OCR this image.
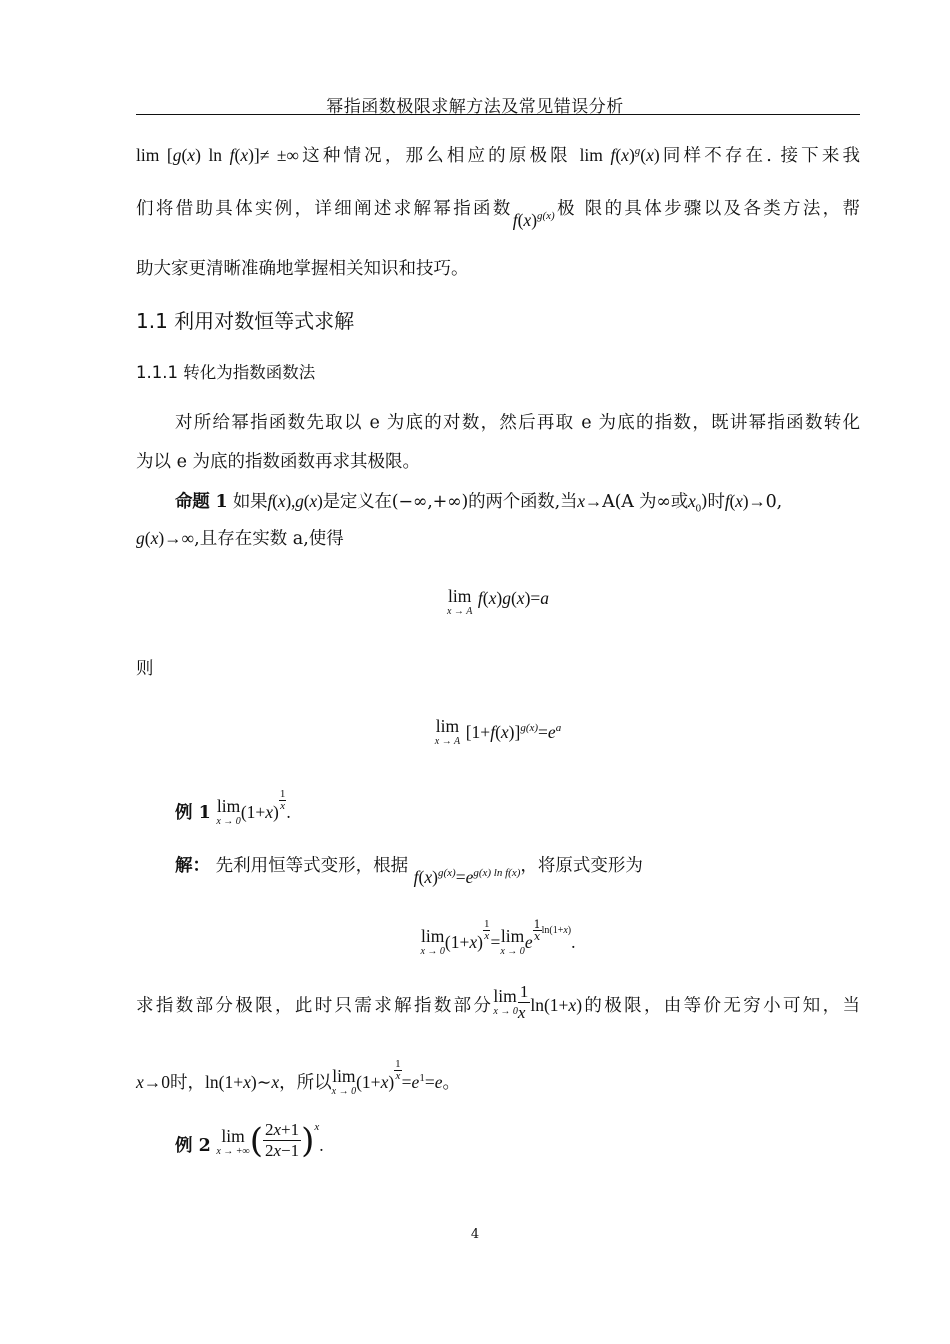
幂指函数极限求解方法及常见错误分析
lim [g(x) ln f(x)]≠ ±∞这种情况，那么相应的原极限 $\lim f(x)^g(x)$同样不存在. 接下来我
们将借助具体实例，详细阐述求解幂指函数$f(x)^{g(x)}$极 限的具体步骤以及各类方法，帮
助大家更清晰准确地掌握相关知识和技巧。
1.1 利用对数恒等式求解
1.1.1 转化为指数函数法
对所给幂指函数先取以 e 为底的对数，然后再取 e 为底的指数，既讲幂指函数转化
为以 e 为底的指数函数再求其极限。
命题 1 如果f(x),g(x)是定义在(−∞,+∞)的两个函数,当x→A(A 为∞或$x_0$)时f(x)→0,
g(x)→∞,且存在实数 a,使得
lim
x → A
f(x)g(x)=a
则
lim
x → A $[1+f(x)]^{g(x)}=e^a$
例 1 lim
x → 0 (1+x) $^{\frac{1}{x}}$ .
解： 先利用恒等式变形，根据 $f(x)^{g(x)}=e^{g(x) ln f(x)}$，将原式变形为
lim
x → 0 (1+x) $^{\frac{1}{x}}$ =lim
x → 0 e
$^{\frac{1}{x} ln(1+x)}$.
求指数部分极限，此时只需求解指数部分lim
$x \to 0 \frac{1}{x} \ln(1+x)$的极限，由等价无穷小可知，当
x→0时，ln(1+x)∼x，所以lim
x → 0 (1+x) $^{\frac{1}{x}} =e^1=e$。
例 2 lim
x → +∞ ( $\frac{2x+1}{2x-1} )^x$.
4
